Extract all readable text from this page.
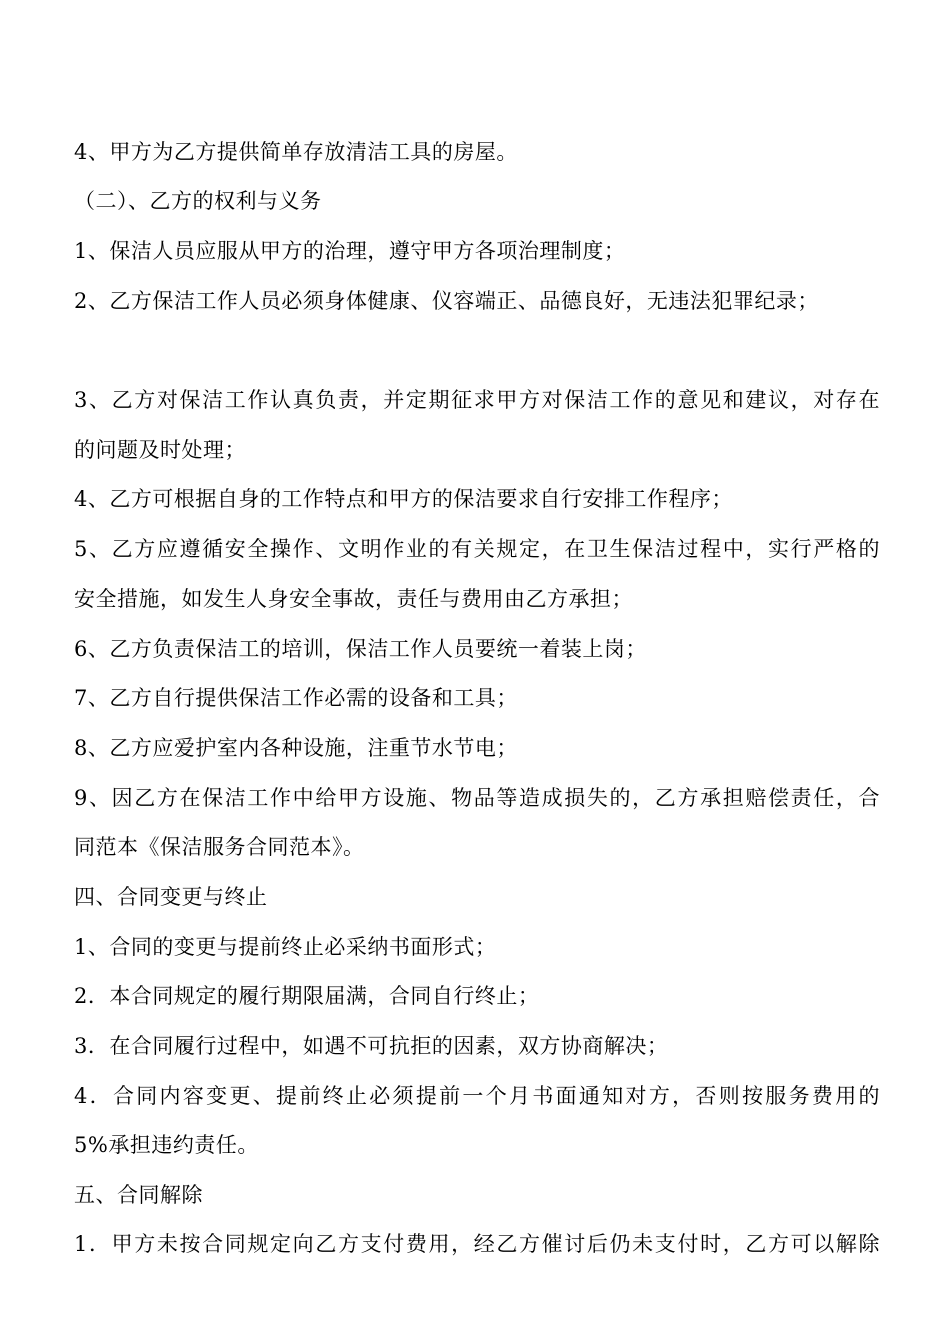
4、甲方为乙方提供简单存放清洁工具的房屋。
（二）、乙方的权利与义务
1、保洁人员应服从甲方的治理，遵守甲方各项治理制度；
2、乙方保洁工作人员必须身体健康、仪容端正、品德良好，无违法犯罪纪录；
3、乙方对保洁工作认真负责，并定期征求甲方对保洁工作的意见和建议，对存在
的问题及时处理；
4、乙方可根据自身的工作特点和甲方的保洁要求自行安排工作程序；
5、乙方应遵循安全操作、文明作业的有关规定，在卫生保洁过程中，实行严格的
安全措施，如发生人身安全事故，责任与费用由乙方承担；
6、乙方负责保洁工的培训，保洁工作人员要统一着装上岗；
7、乙方自行提供保洁工作必需的设备和工具；
8、乙方应爱护室内各种设施，注重节水节电；
9、因乙方在保洁工作中给甲方设施、物品等造成损失的，乙方承担赔偿责任，合
同范本《保洁服务合同范本》。
四、合同变更与终止
1、合同的变更与提前终止必采纳书面形式；
2．本合同规定的履行期限届满，合同自行终止；
3．在合同履行过程中，如遇不可抗拒的因素，双方协商解决；
4．合同内容变更、提前终止必须提前一个月书面通知对方，否则按服务费用的
5%承担违约责任。
五、合同解除
1．甲方未按合同规定向乙方支付费用，经乙方催讨后仍未支付时，乙方可以解除
